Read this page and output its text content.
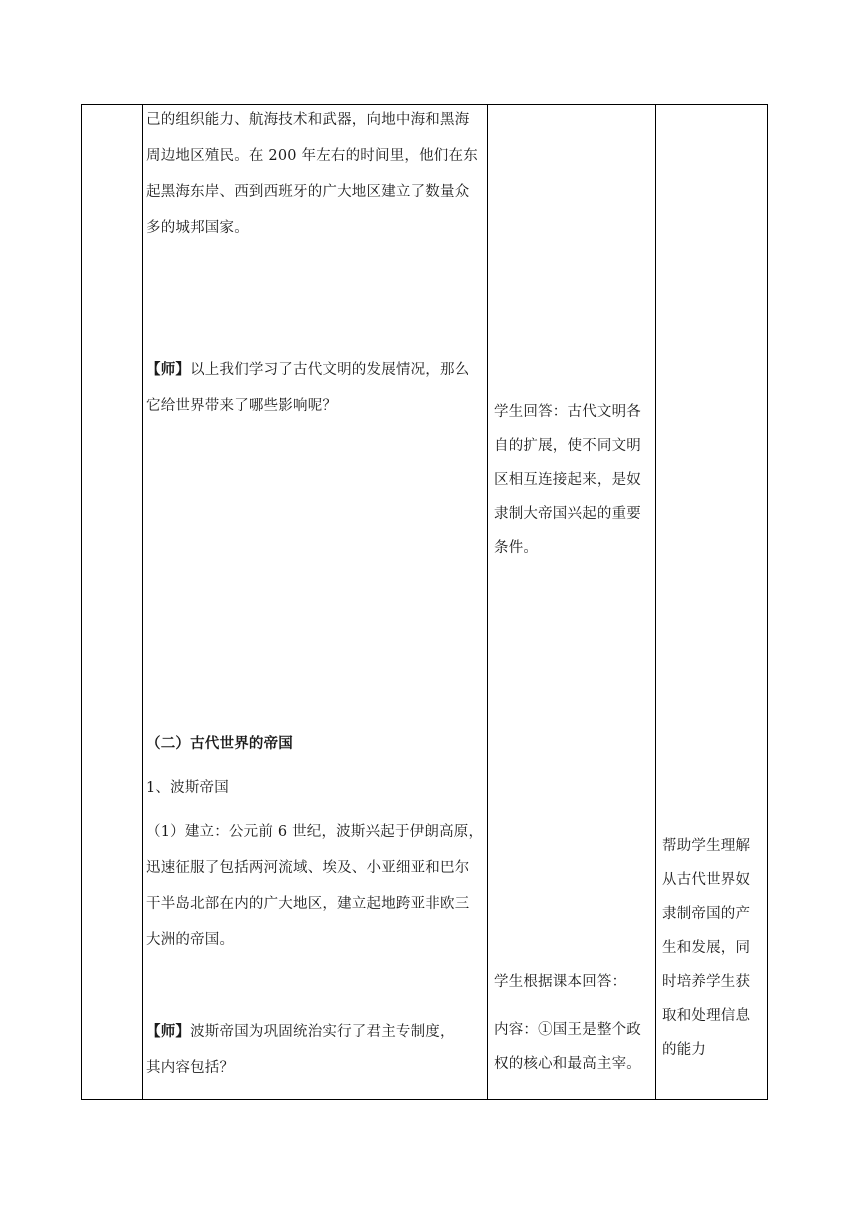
己的组织能力、航海技术和武器，向地中海和黑海
周边地区殖民。在 200 年左右的时间里，他们在东
起黑海东岸、西到西班牙的广大地区建立了数量众
多的城邦国家。
【师】以上我们学习了古代文明的发展情况，那么
它给世界带来了哪些影响呢？
（二）古代世界的帝国
1、波斯帝国
（1）建立：公元前 6 世纪，波斯兴起于伊朗高原，
迅速征服了包括两河流域、埃及、小亚细亚和巴尔
干半岛北部在内的广大地区，建立起地跨亚非欧三
大洲的帝国。
【师】波斯帝国为巩固统治实行了君主专制度，
其内容包括？
学生回答：古代文明各
自的扩展，使不同文明
区相互连接起来，是奴
隶制大帝国兴起的重要
条件。
学生根据课本回答：
内容：①国王是整个政
权的核心和最高主宰。
帮助学生理解
从古代世界奴
隶制帝国的产
生和发展，同
时培养学生获
取和处理信息
的能力
